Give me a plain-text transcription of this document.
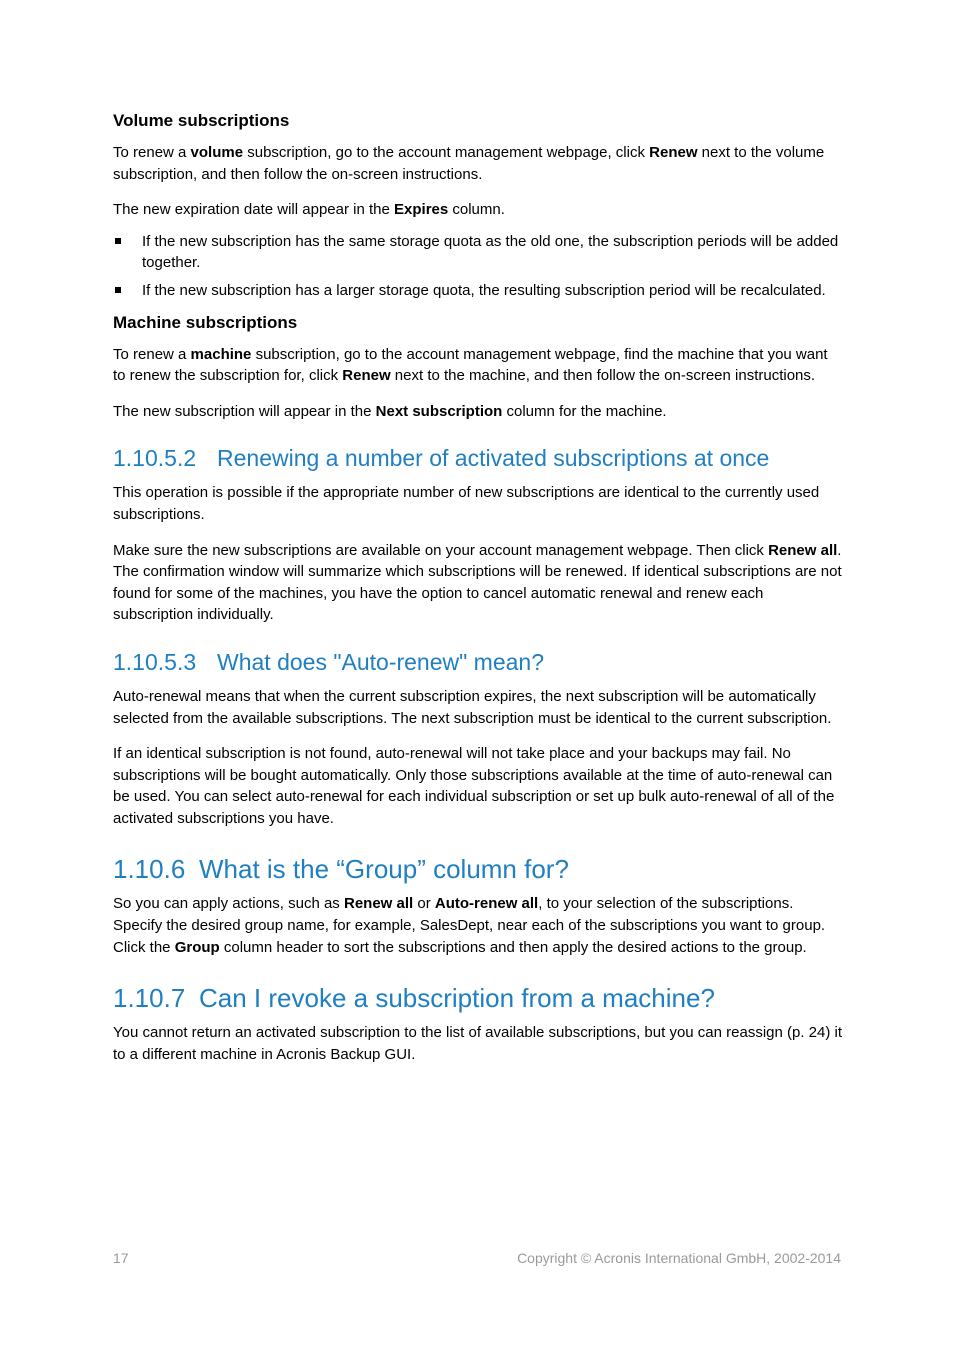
Volume subscriptions
To renew a volume subscription, go to the account management webpage, click Renew next to the volume subscription, and then follow the on-screen instructions.
The new expiration date will appear in the Expires column.
If the new subscription has the same storage quota as the old one, the subscription periods will be added together.
If the new subscription has a larger storage quota, the resulting subscription period will be recalculated.
Machine subscriptions
To renew a machine subscription, go to the account management webpage, find the machine that you want to renew the subscription for, click Renew next to the machine, and then follow the on-screen instructions.
The new subscription will appear in the Next subscription column for the machine.
1.10.5.2 Renewing a number of activated subscriptions at once
This operation is possible if the appropriate number of new subscriptions are identical to the currently used subscriptions.
Make sure the new subscriptions are available on your account management webpage. Then click Renew all. The confirmation window will summarize which subscriptions will be renewed. If identical subscriptions are not found for some of the machines, you have the option to cancel automatic renewal and renew each subscription individually.
1.10.5.3 What does "Auto-renew" mean?
Auto-renewal means that when the current subscription expires, the next subscription will be automatically selected from the available subscriptions. The next subscription must be identical to the current subscription.
If an identical subscription is not found, auto-renewal will not take place and your backups may fail. No subscriptions will be bought automatically. Only those subscriptions available at the time of auto-renewal can be used. You can select auto-renewal for each individual subscription or set up bulk auto-renewal of all of the activated subscriptions you have.
1.10.6 What is the “Group” column for?
So you can apply actions, such as Renew all or Auto-renew all, to your selection of the subscriptions. Specify the desired group name, for example, SalesDept, near each of the subscriptions you want to group. Click the Group column header to sort the subscriptions and then apply the desired actions to the group.
1.10.7 Can I revoke a subscription from a machine?
You cannot return an activated subscription to the list of available subscriptions, but you can reassign (p. 24) it to a different machine in Acronis Backup GUI.
17	Copyright © Acronis International GmbH, 2002-2014
